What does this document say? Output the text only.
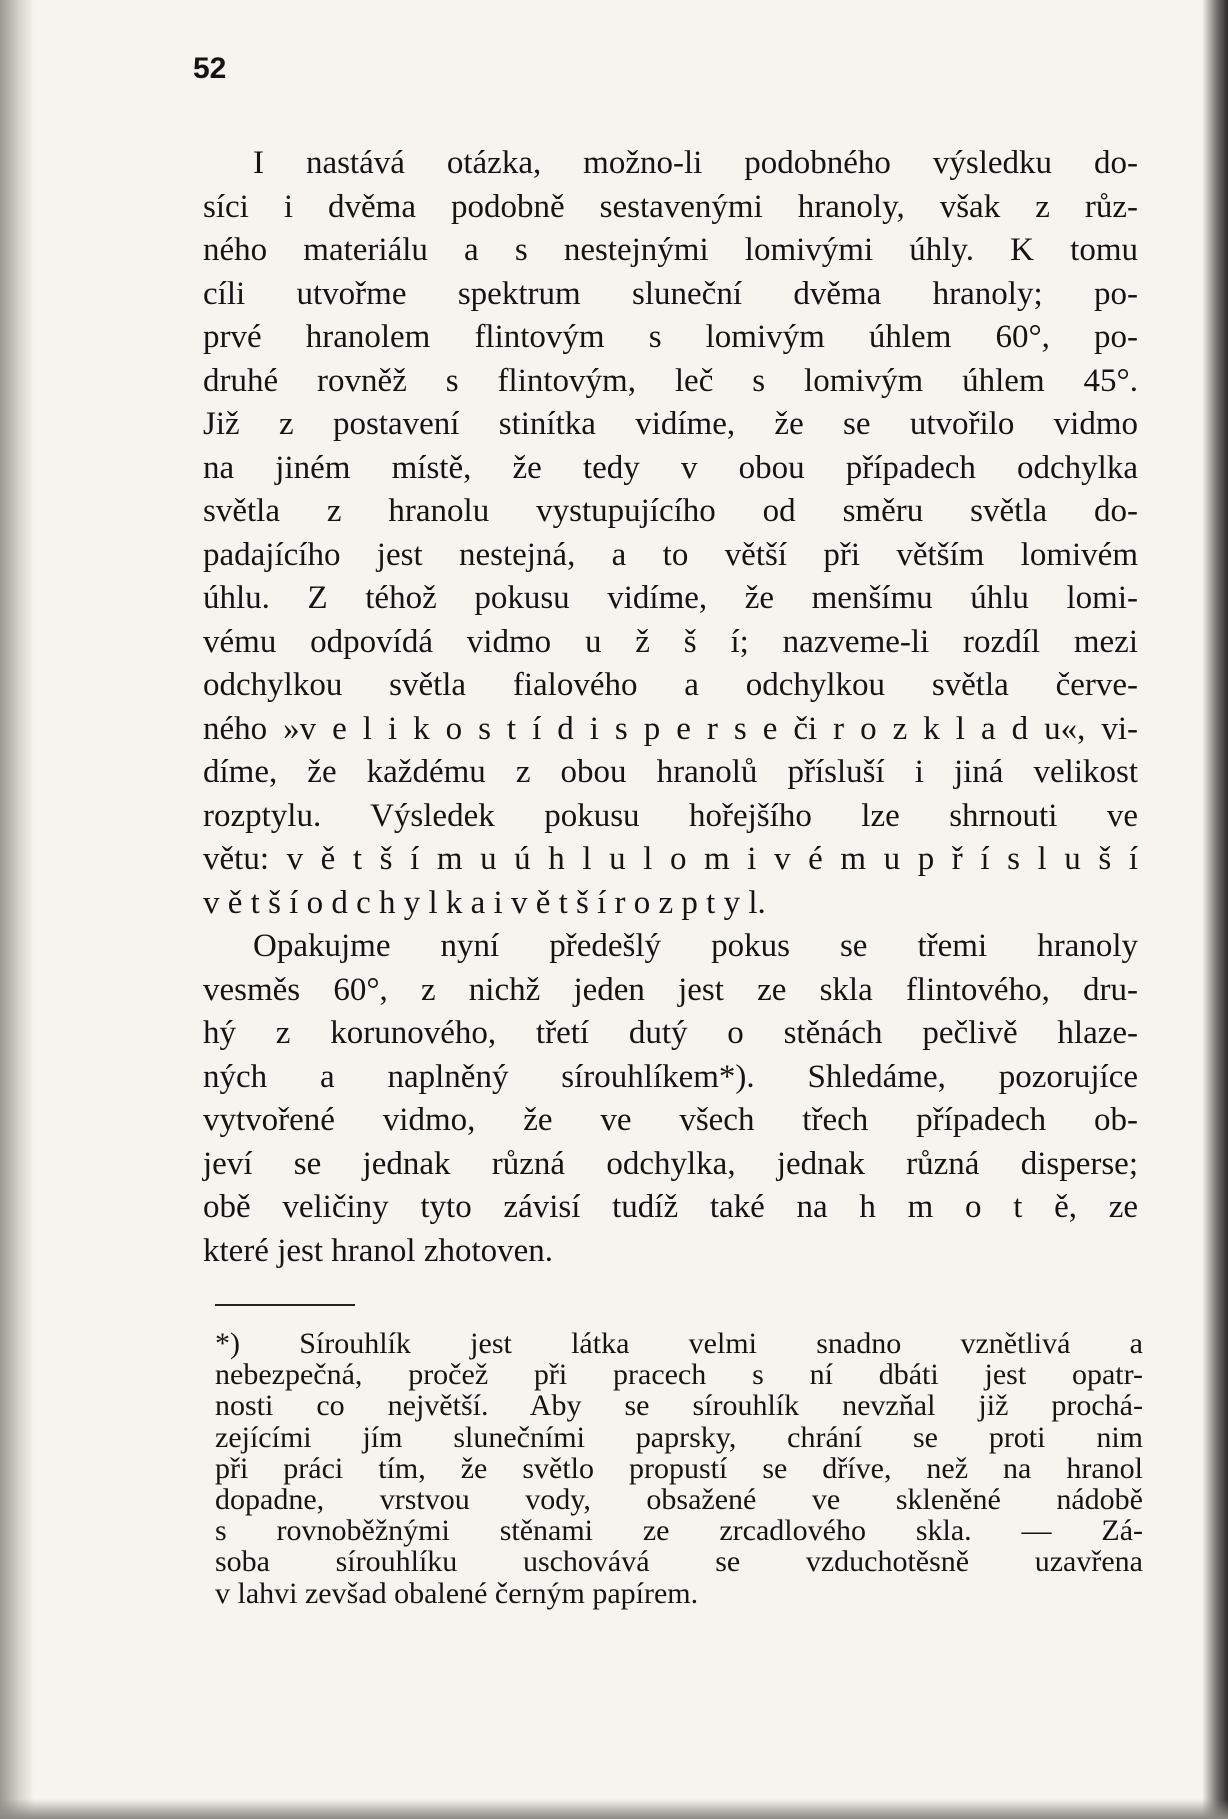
52
I nastává otázka, možno-li podobného výsledku do-
síci i dvěma podobně sestavenými hranoly, však z růz-
ného materiálu a s nestejnými lomivými úhly. K tomu
cíli utvořme spektrum sluneční dvěma hranoly; po-
prvé hranolem flintovým s lomivým úhlem 60°, po-
druhé rovněž s flintovým, leč s lomivým úhlem 45°.
Již z postavení stinítka vidíme, že se utvořilo vidmo
na jiném místě, že tedy v obou případech odchylka
světla z hranolu vystupujícího od směru světla do-
padajícího jest nestejná, a to větší při větším lomivém
úhlu. Z téhož pokusu vidíme, že menšímu úhlu lomi-
vému odpovídá vidmo u ž š í; nazveme-li rozdíl mezi
odchylkou světla fialového a odchylkou světla červe-
ného »v e l i k o s t í d i s p e r s e či r o z k l a d u«, vi-
díme, že každému z obou hranolů přísluší i jiná velikost
rozptylu. Výsledek pokusu hořejšího lze shrnouti ve
větu: v ě t š í m u ú h l u l o m i v é m u p ř í s l u š í
v ě t š í o d c h y l k a i v ě t š í r o z p t y l.
Opakujme nyní předešlý pokus se třemi hranoly
vesměs 60°, z nichž jeden jest ze skla flintového, dru-
hý z korunového, třetí dutý o stěnách pečlivě hlaze-
ných a naplněný sírouhlíkem*). Shledáme, pozorujíce
vytvořené vidmo, že ve všech třech případech ob-
jeví se jednak různá odchylka, jednak různá disperse;
obě veličiny tyto závisí tudíž také na h m o t ě, ze
které jest hranol zhotoven.
*) Sírouhlík jest látka velmi snadno vznětlivá a
nebezpečná, pročež při pracech s ní dbáti jest opatr-
nosti co největší. Aby se sírouhlík nevzňal již prochá-
zejícími jím slunečními paprsky, chrání se proti nim
při práci tím, že světlo propustí se dříve, než na hranol
dopadne, vrstvou vody, obsažené ve skleněné nádobě
s rovnoběžnými stěnami ze zrcadlového skla. — Zá-
soba sírouhlíku uschovává se vzduchotěsně uzavřena
v lahvi zevšad obalené černým papírem.
